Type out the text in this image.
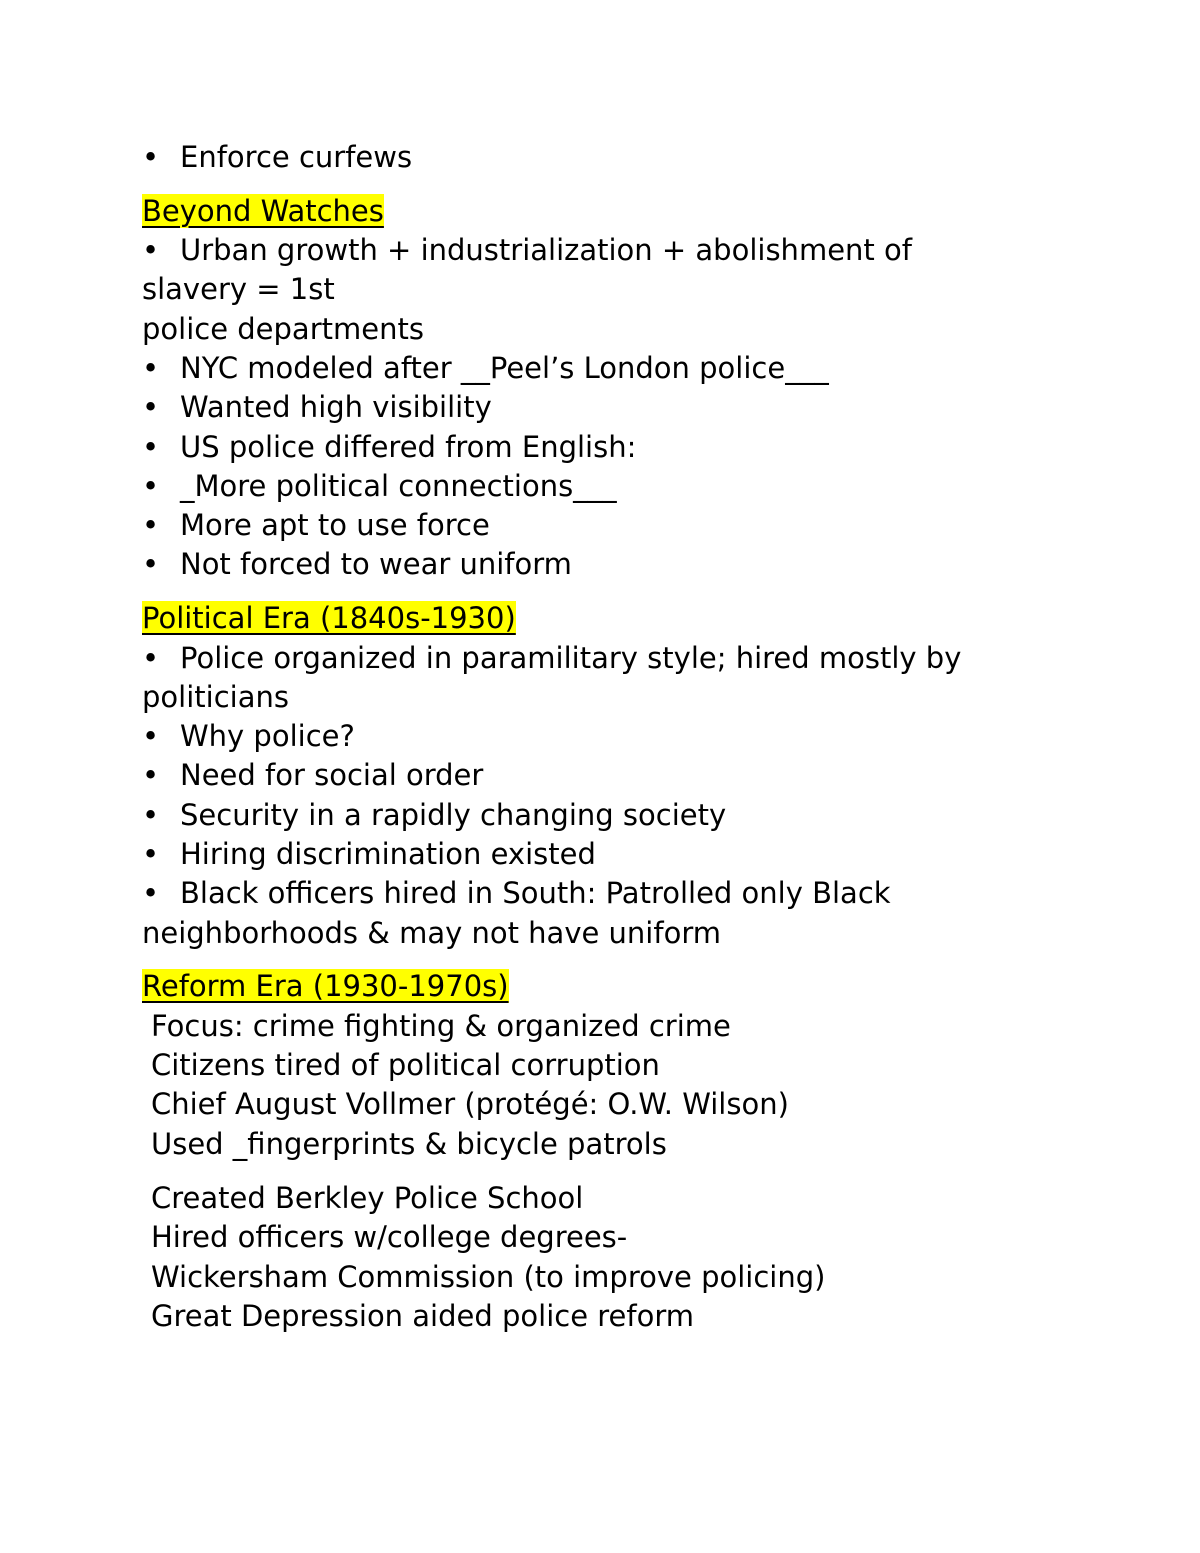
• Enforce curfews
Beyond Watches
• Urban growth + industrialization + abolishment of
slavery = 1st
police departments
• NYC modeled after __Peel’s London police___
• Wanted high visibility
• US police differed from English:
• _More political connections___
• More apt to use force
• Not forced to wear uniform
Political Era (1840s-1930)
• Police organized in paramilitary style; hired mostly by
politicians
• Why police?
• Need for social order
• Security in a rapidly changing society
• Hiring discrimination existed
• Black officers hired in South: Patrolled only Black
neighborhoods & may not have uniform
Reform Era (1930-1970s)
Focus: crime fighting & organized crime
Citizens tired of political corruption
Chief August Vollmer (protégé: O.W. Wilson)
Used _fingerprints & bicycle patrols
Created Berkley Police School
Hired officers w/college degrees-
Wickersham Commission (to improve policing)
Great Depression aided police reform
